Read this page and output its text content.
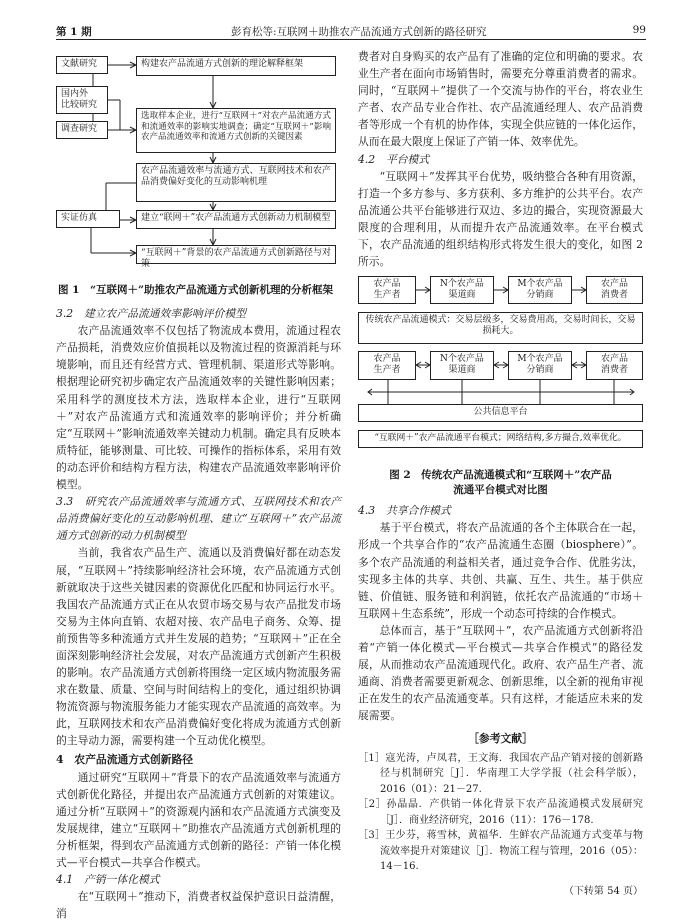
第 1 期	彭育松等:互联网＋助推农产品流通方式创新的路径研究	99
文献研究
国内外
比较研究
调查研究
实证仿真
构建农产品流通方式创新的理论解释框架
选取样本企业，进行“互联网＋”对农产品流通方式和流通效率的影响实地调查；确定“互联网＋”影响农产品流通效率和流通方式创新的关键因素
农产品流通效率与流通方式、互联网技术和农产品消费偏好变化的互动影响机理
建立“联网＋”农产品流通方式创新动力机制模型
“互联网＋”背景的农产品流通方式创新路径与对策
图 1　“互联网＋”助推农产品流通方式创新机理的分析框架
3.2　建立农产品流通效率影响评价模型
农产品流通效率不仅包括了物流成本费用，流通过程农产品损耗，消费效应价值损耗以及物流过程的资源消耗与环境影响，而且还有经营方式、管理机制、渠道形式等影响。根据理论研究初步确定农产品流通效率的关键性影响因素；采用科学的测度技术方法，选取样本企业，进行“互联网＋”对农产品流通方式和流通效率的影响评价；并分析确定“互联网＋”影响流通效率关键动力机制。确定具有反映本质特征，能够测量、可比较、可操作的指标体系，采用有效的动态评价和结构方程方法，构建农产品流通效率影响评价模型。
3.3　研究农产品流通效率与流通方式、互联网技术和农产品消费偏好变化的互动影响机理、建立“互联网＋”农产品流通方式创新的动力机制模型
当前，我省农产品生产、流通以及消费偏好都在动态发展，“互联网＋”持续影响经济社会环境，农产品流通方式创新就取决于这些关键因素的资源优化匹配和协同运行水平。我国农产品流通方式正在从农贸市场交易与农产品批发市场交易为主体向直销、农超对接、农产品电子商务、众筹、提前预售等多种流通方式并生发展的趋势；“互联网＋”正在全面深刻影响经济社会发展，对农产品流通方式创新产生积极的影响。农产品流通方式创新将围绕一定区域内物流服务需求在数量、质量、空间与时间结构上的变化，通过组织协调物流资源与物流服务能力才能实现农产品流通的高效率。为此，互联网技术和农产品消费偏好变化将成为流通方式创新的主导动力源，需要构建一个互动优化模型。
4　农产品流通方式创新路径
通过研究“互联网＋”背景下的农产品流通效率与流通方式创新优化路径，并提出农产品流通方式创新的对策建议。通过分析“互联网＋”的资源观内涵和农产品流通方式演变及发展规律，建立“互联网＋”助推农产品流通方式创新机理的分析框架，得到农产品流通方式创新的路径：产销一体化模式—平台模式—共享合作模式。
4.1　产销一体化模式
在“互联网＋”推动下，消费者权益保护意识日益清醒，消
费者对自身购买的农产品有了准确的定位和明确的要求。农业生产者在面向市场销售时，需要充分尊重消费者的需求。同时，“互联网＋”提供了一个交流与协作的平台，将农业生产者、农产品专业合作社、农产品流通经理人、农产品消费者等形成一个有机的协作体，实现全供应链的一体化运作，从而在最大限度上保证了产销一体、效率优先。
4.2　平台模式
“互联网＋”发挥其平台优势，吸纳整合各种有用资源，打造一个多方参与、多方获利、多方维护的公共平台。农产品流通公共平台能够进行双边、多边的撮合，实现资源最大限度的合理利用，从而提升农产品流通效率。在平台模式下，农产品流通的组织结构形式将发生很大的变化，如图 2 所示。
农产品
生产者
N个农产品
渠道商
M个农产品
分销商
农产品
消费者
传统农产品流通模式：交易层级多，交易费用高，交易时间长，交易损耗大。
农产品
生产者
N个农产品
渠道商
M个农产品
分销商
农产品
消费者
公共信息平台
“互联网＋”农产品流通平台模式；网络结构,多方撮合,效率优化。
图 2　传统农产品流通模式和“互联网＋”农产品
流通平台模式对比图
4.3　共享合作模式
基于平台模式，将农产品流通的各个主体联合在一起，形成一个共享合作的“农产品流通生态圈（biosphere）”。多个农产品流通的利益相关者，通过竞争合作、优胜劣汰，实现多主体的共享、共创、共赢、互生、共生。基于供应链、价值链、服务链和利润链，依托农产品流通的“市场＋互联网＋生态系统”，形成一个动态可持续的合作模式。
总体而言，基于“互联网＋”，农产品流通方式创新将沿着“产销一体化模式—平台模式—共享合作模式”的路径发展，从而推动农产品流通现代化。政府、农产品生产者、流通商、消费者需要更新观念、创新思维，以全新的视角审视正在发生的农产品流通变革。只有这样，才能适应未来的发展需要。
［参考文献］
［1］寇光涛，卢凤君，王文海．我国农产品产销对接的创新路径与机制研究［J］．华南理工大学学报（社会科学版），2016（01）：21－27.
［2］孙晶晶．产供销一体化背景下农产品流通模式发展研究［J］．商业经济研究，2016（11）：176－178.
［3］王少芬，蒋雪林，黄福华．生鲜农产品流通方式变革与物流效率提升对策建议［J］．物流工程与管理，2016（05）：14－16.
（下转第 54 页）
